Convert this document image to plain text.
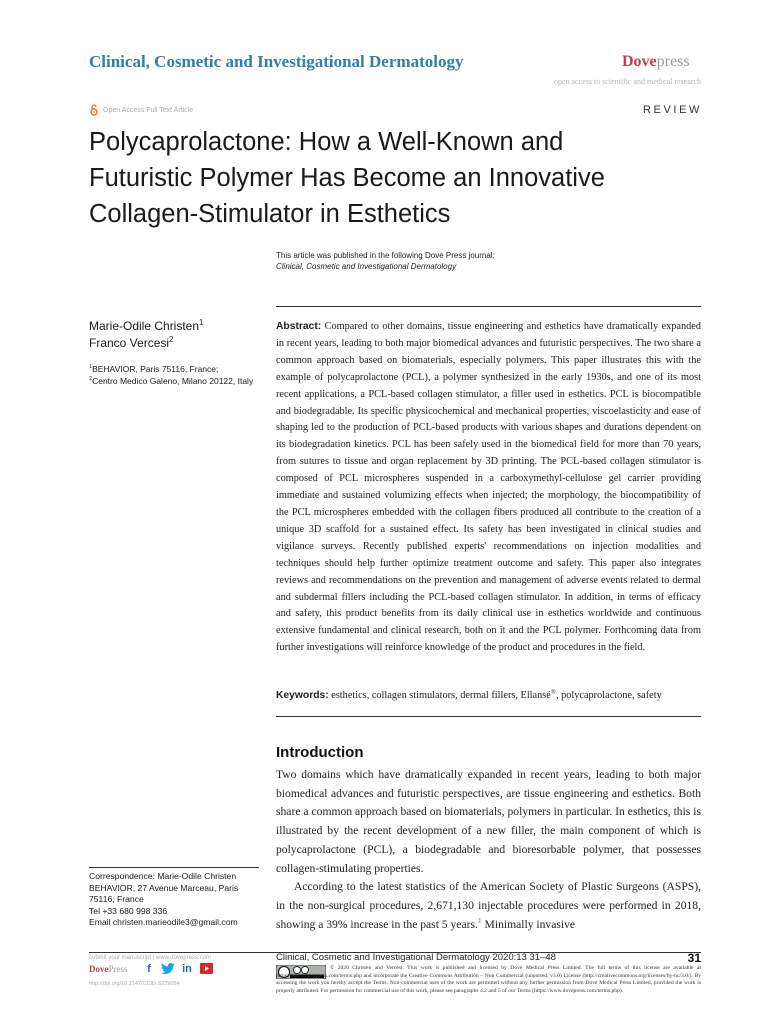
Clinical, Cosmetic and Investigational Dermatology	Dovepress
open access to scientific and medical research
Open Access Full Text Article	REVIEW
Polycaprolactone: How a Well-Known and
Futuristic Polymer Has Become an Innovative
Collagen-Stimulator in Esthetics
This article was published in the following Dove Press journal:
Clinical, Cosmetic and Investigational Dermatology
Marie-Odile Christen$^1$
Franco Vercesi$^2$
$^1$BEHAVIOR, Paris 75116, France;
$^2$Centro Medico Galeno, Milano 20122, Italy
Abstract: Compared to other domains, tissue engineering and esthetics have dramatically expanded in recent years, leading to both major biomedical advances and futuristic perspectives. The two share a common approach based on biomaterials, especially polymers. This paper illustrates this with the example of polycaprolactone (PCL), a polymer synthesized in the early 1930s, and one of its most recent applications, a PCL-based collagen stimulator, a filler used in esthetics. PCL is biocompatible and biodegradable. Its specific physicochemical and mechanical properties, viscoelasticity and ease of shaping led to the production of PCL-based products with various shapes and durations dependent on its biodegradation kinetics. PCL has been safely used in the biomedical field for more than 70 years, from sutures to tissue and organ replacement by 3D printing. The PCL-based collagen stimulator is composed of PCL microspheres suspended in a carboxymethyl-cellulose gel carrier providing immediate and sustained volumizing effects when injected; the morphology, the biocompatibility of the PCL microspheres embedded with the collagen fibers produced all contribute to the creation of a unique 3D scaffold for a sustained effect. Its safety has been investigated in clinical studies and vigilance surveys. Recently published experts' recommendations on injection modalities and techniques should help further optimize treatment outcome and safety. This paper also integrates reviews and recommendations on the prevention and management of adverse events related to dermal and subdermal fillers including the PCL-based collagen stimulator. In addition, in terms of efficacy and safety, this product benefits from its daily clinical use in esthetics worldwide and continuous extensive fundamental and clinical research, both on it and the PCL polymer. Forthcoming data from further investigations will reinforce knowledge of the product and procedures in the field.
Keywords: esthetics, collagen stimulators, dermal fillers, Ellansé®, polycaprolactone, safety
Introduction

Two domains which have dramatically expanded in recent years, leading to both major biomedical advances and futuristic perspectives, are tissue engineering and esthetics. Both share a common approach based on biomaterials, polymers in particular. In esthetics, this is illustrated by the recent development of a new filler, the main component of which is polycaprolactone (PCL), a biodegradable and bioresorbable polymer, that possesses collagen-stimulating properties.

According to the latest statistics of the American Society of Plastic Surgeons (ASPS), in the non-surgical procedures, 2,671,130 injectable procedures were performed in 2018, showing a 39% increase in the past 5 years.$^1$ Minimally invasive

Correspondence: Marie-Odile Christen
BEHAVIOR, 27 Avenue Marceau, Paris
75116, France
Tel +33 680 998 336
Email christen.marieodile3@gmail.com
submit your manuscript | www.dovepress.com
DovePress	f	in
http://doi.org/10.2147/CCID.S229054
Clinical, Cosmetic and Investigational Dermatology 2020:13 31–48	31
© 2020 Christen and Vercesi. This work is published and licensed by Dove Medical Press Limited. The full terms of this license are available at https://www.dovepress.com/terms.php and incorporate the Creative Commons Attribution – Non Commercial (unported, v3.0) License (http://creativecommons.org/licenses/by-nc/3.0/). By accessing the work you hereby accept the Terms. Non-commercial uses of the work are permitted without any further permission from Dove Medical Press Limited, provided the work is properly attributed. For permission for commercial use of this work, please see paragraphs 4.2 and 5 of our Terms (https://www.dovepress.com/terms.php).
